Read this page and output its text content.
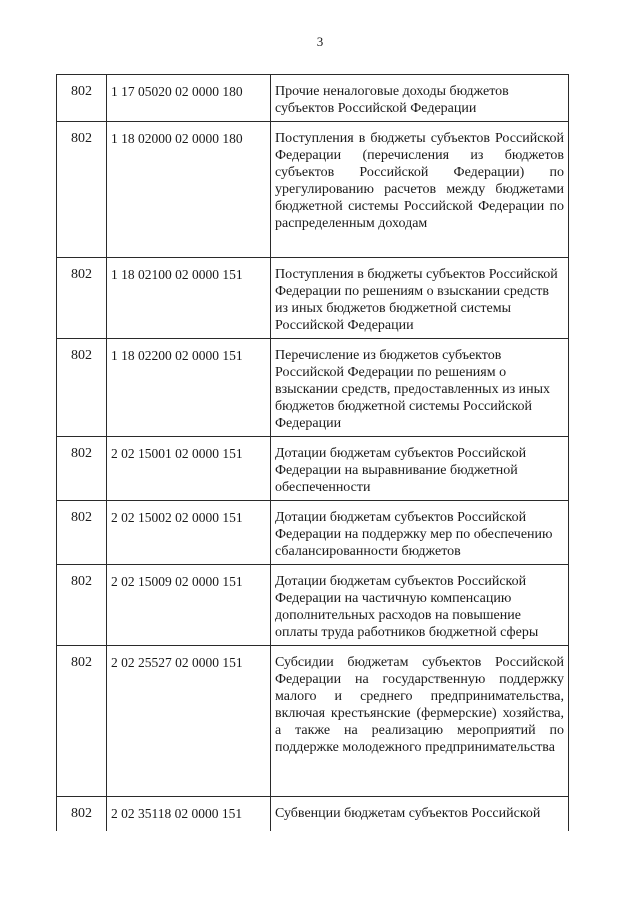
3
802	1 17 05020 02 0000 180	Прочие неналоговые доходы бюджетов субъектов Российской Федерации
802	1 18 02000 02 0000 180	Поступления в бюджеты субъектов Российской Федерации (перечисления из бюджетов субъектов Российской Федерации) по урегулированию расчетов между бюджетами бюджетной системы Российской Федерации по распределенным доходам
802	1 18 02100 02 0000 151	Поступления в бюджеты субъектов Российской Федерации по решениям о взыскании средств из иных бюджетов бюджетной системы Российской Федерации
802	1 18 02200 02 0000 151	Перечисление из бюджетов субъектов Российской Федерации по решениям о взыскании средств, предоставленных из иных бюджетов бюджетной системы Российской Федерации
802	2 02 15001 02 0000 151	Дотации бюджетам субъектов Российской Федерации на выравнивание бюджетной обеспеченности
802	2 02 15002 02 0000 151	Дотации бюджетам субъектов Российской Федерации на поддержку мер по обеспечению сбалансированности бюджетов
802	2 02 15009 02 0000 151	Дотации бюджетам субъектов Российской Федерации на частичную компенсацию дополнительных расходов на повышение оплаты труда работников бюджетной сферы
802	2 02 25527 02 0000 151	Субсидии бюджетам субъектов Российской Федерации на государственную поддержку малого и среднего предпринимательства, включая крестьянские (фермерские) хозяйства, а также на реализацию мероприятий по поддержке молодежного предпринимательства
802	2 02 35118 02 0000 151	Субвенции бюджетам субъектов Российской
